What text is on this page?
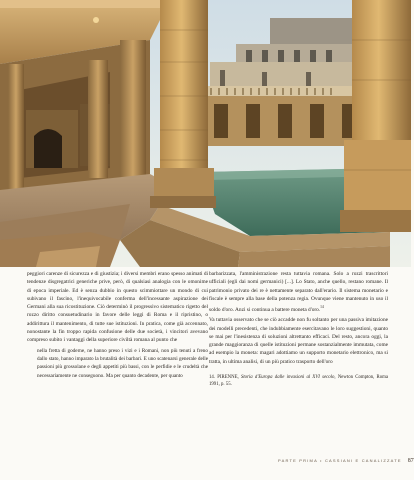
peggiori carenze di sicurezza e di giustizia; i diversi membri erano spesso animati di tendenze disgregatrici generiche prive, però, di qualsiasi analogia con le omonime di epoca imperiale. Ed è senza dubbio in questo scimmiottare un mondo di cui subivano il fascino, l'inequivocabile conferma dell'incessante aspirazione dei Germani alla sua ricostituzione. Ciò determinò il progressivo sistematico rigetto del rozzo diritto consuetudinario in favore delle leggi di Roma e il ripristino, o addirittura il mantenimento, di tutte sue istituzioni. In pratica, come già accennato, nonostante la fin troppo rapida confusione delle due società, i vincitori avevano compreso subito i vantaggi della superiore civiltà romana al punto che

nella fretta di goderne, ne hanno preso i vizi e i Romani, non più tenuti a freno dallo stato, hanno imparato la brutalità dei barbari. E uno scatenarsi generale delle passioni più grossolane e degli appetiti più bassi, con le perfidie e le crudeltà che necessariamente ne conseguono. Ma per quanto decadente, per quanto

barbarizzata, l'amministrazione resta tuttavia romana. Solo a rozzi trascrittori ufficiali (egli dai nomi germanici) [...]. Lo Stato, anche quello, restano romane. Il patrimonio privato dei re è nettamente separato dall'erario. Il sistema monetario e fiscale è sempre alla base della potenza regia. Ovunque viene mantenuto in uso il soldo d'oro. Anzi si continua a battere moneta d'oro.$^{14}$

Va tuttavia osservato che se ciò accadde non fu soltanto per una passiva imitazione dei modelli precedenti, che indubbiamente esercitavano le loro suggestioni, quanto se mai per l'inesistenza di soluzioni altrettanto efficaci. Del resto, ancora oggi, la grande maggioranza di quelle istituzioni permane sostanzialmente immutata, come ad esempio la moneta: magari adottiamo un supporto monetario elettronico, ma si tratta, in ultima analisi, di un più pratico trasporto dell'oro

14. PIRENNE, Storia d'Europa dalle invasioni al XVI secolo, Newton Compton, Roma 1991, p. 55.

PARTE PRIMA • CASSIANI E CANALIZZATE 87
